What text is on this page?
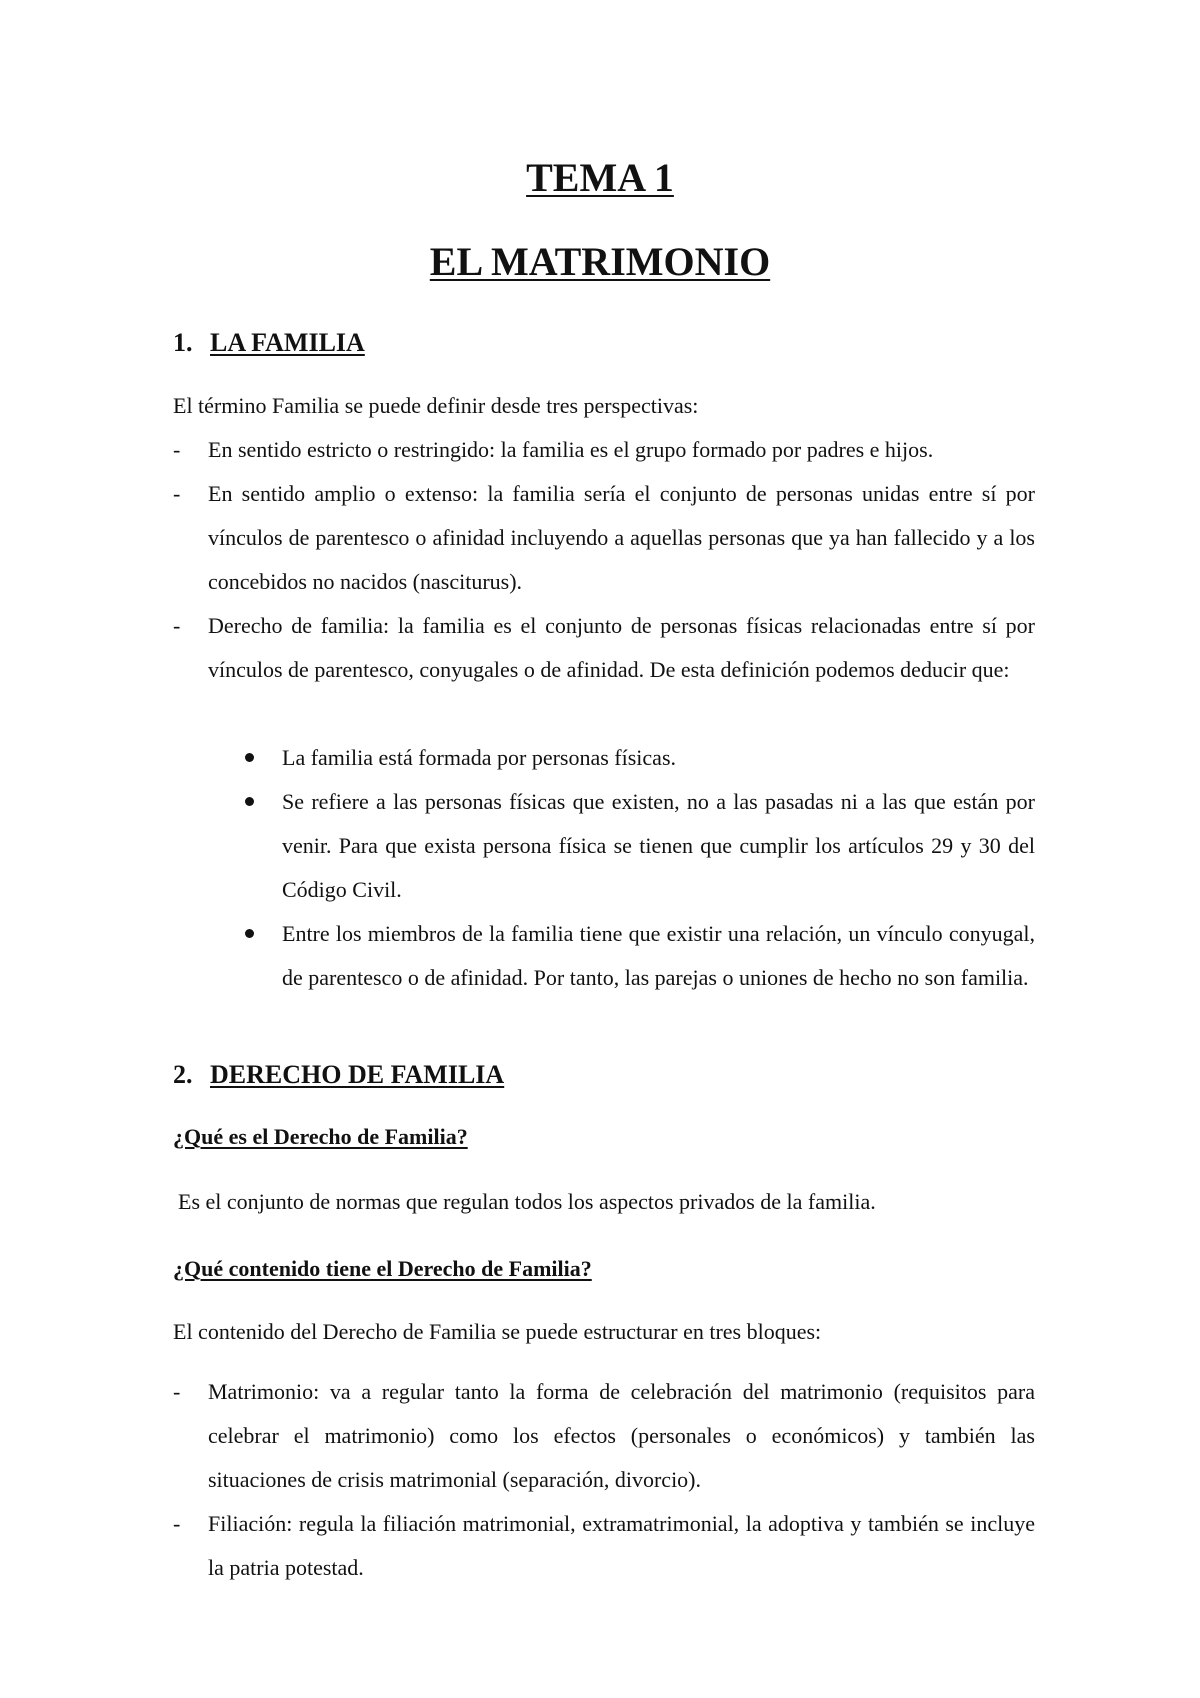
TEMA 1
EL MATRIMONIO
1. LA FAMILIA

El término Familia se puede definir desde tres perspectivas:

-	En sentido estricto o restringido: la familia es el grupo formado por padres e hijos.
-	En sentido amplio o extenso: la familia sería el conjunto de personas unidas entre sí por vínculos de parentesco o afinidad incluyendo a aquellas personas que ya han fallecido y a los concebidos no nacidos (nasciturus).
-	Derecho de familia: la familia es el conjunto de personas físicas relacionadas entre sí por vínculos de parentesco, conyugales o de afinidad. De esta definición podemos deducir que:
La familia está formada por personas físicas.
Se refiere a las personas físicas que existen, no a las pasadas ni a las que están por venir. Para que exista persona física se tienen que cumplir los artículos 29 y 30 del Código Civil.
Entre los miembros de la familia tiene que existir una relación, un vínculo conyugal, de parentesco o de afinidad. Por tanto, las parejas o uniones de hecho no son familia.
2. DERECHO DE FAMILIA

¿Qué es el Derecho de Familia?

Es el conjunto de normas que regulan todos los aspectos privados de la familia.

¿Qué contenido tiene el Derecho de Familia?

El contenido del Derecho de Familia se puede estructurar en tres bloques:

-	Matrimonio: va a regular tanto la forma de celebración del matrimonio (requisitos para celebrar el matrimonio) como los efectos (personales o económicos) y también las situaciones de crisis matrimonial (separación, divorcio).
-	Filiación: regula la filiación matrimonial, extramatrimonial, la adoptiva y también se incluye la patria potestad.
